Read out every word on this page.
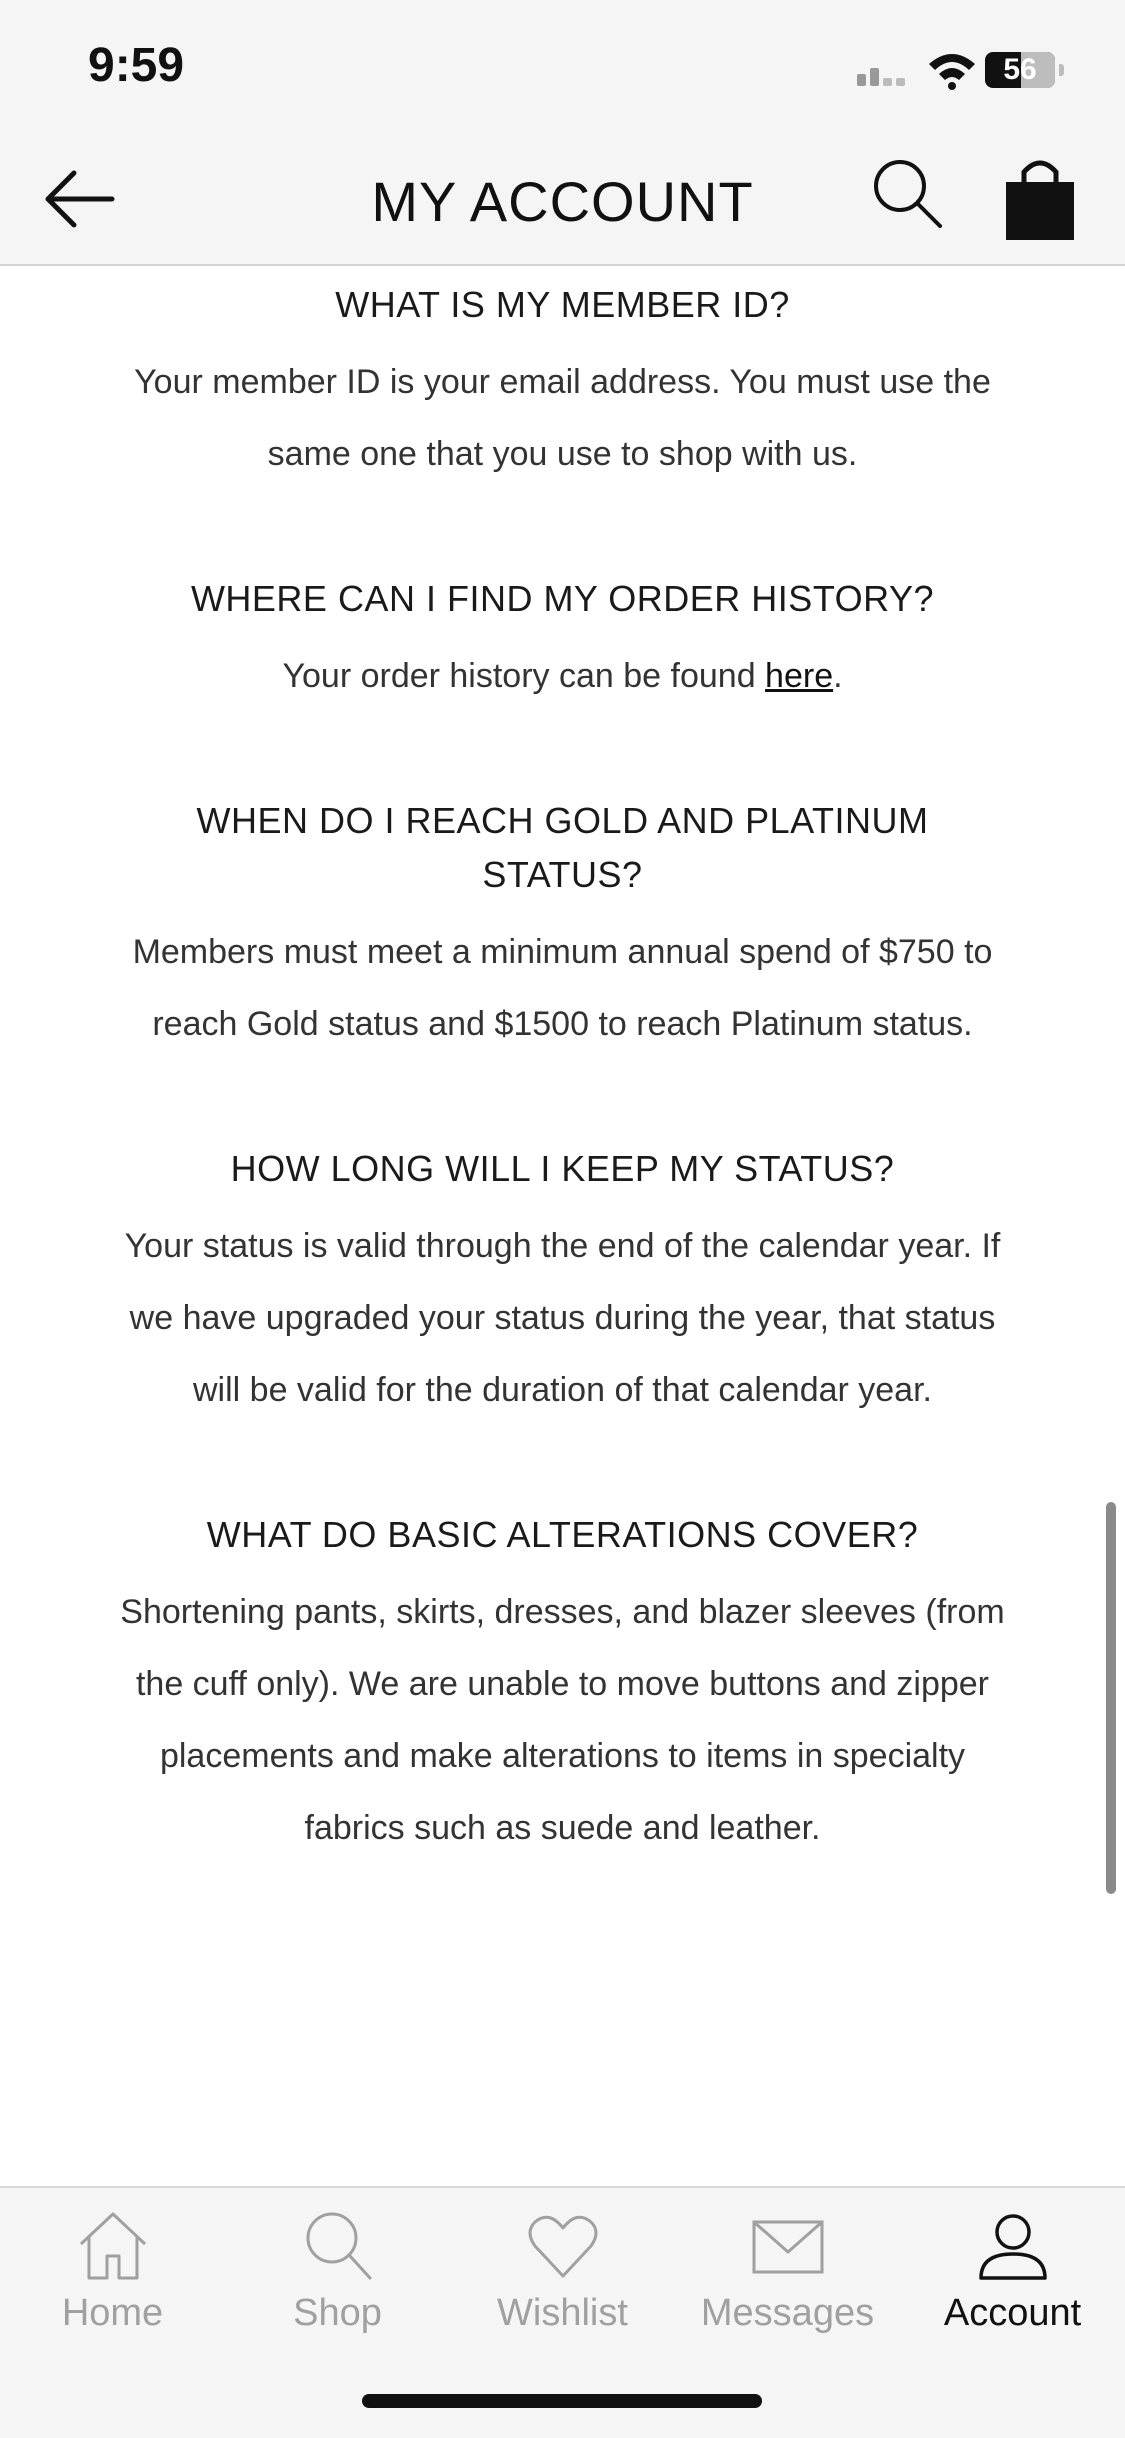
9:59	56
MY ACCOUNT

WHAT IS MY MEMBER ID?

Your member ID is your email address. You must use the same one that you use to shop with us.

WHERE CAN I FIND MY ORDER HISTORY?

Your order history can be found here.

WHEN DO I REACH GOLD AND PLATINUM STATUS?

Members must meet a minimum annual spend of $750 to reach Gold status and $1500 to reach Platinum status.

HOW LONG WILL I KEEP MY STATUS?

Your status is valid through the end of the calendar year. If we have upgraded your status during the year, that status will be valid for the duration of that calendar year.

WHAT DO BASIC ALTERATIONS COVER?

Shortening pants, skirts, dresses, and blazer sleeves (from the cuff only). We are unable to move buttons and zipper placements and make alterations to items in specialty fabrics such as suede and leather.

Home	Shop	Wishlist	Messages	Account
